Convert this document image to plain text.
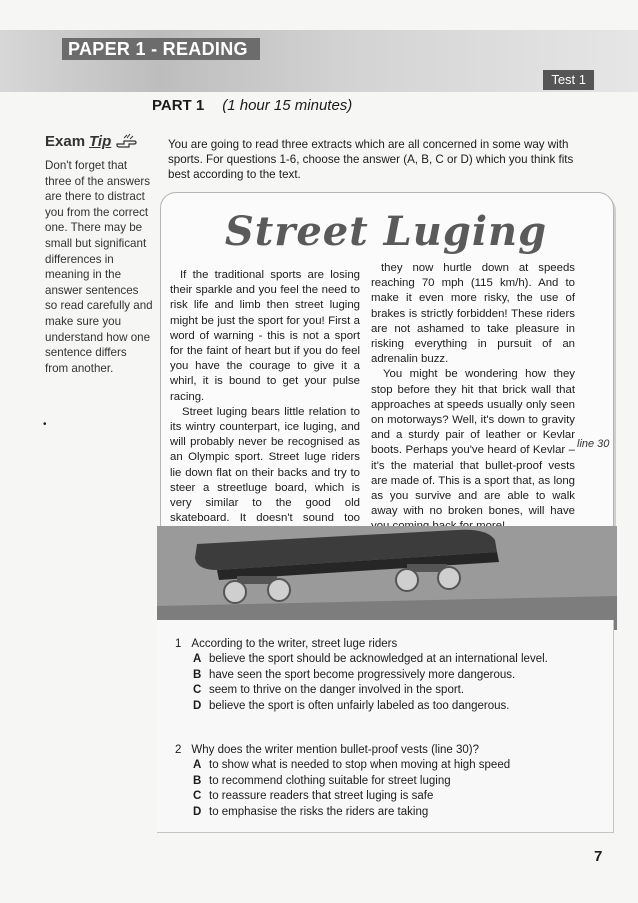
PAPER 1 - READING
Test 1
PART 1 (1 hour 15 minutes)
Exam Tip
Don't forget that three of the answers are there to distract you from the correct one. There may be small but significant differences in meaning in the answer sentences so read carefully and make sure you understand how one sentence differs from another.
You are going to read three extracts which are all concerned in some way with sports. For questions 1-6, choose the answer (A, B, C or D) which you think fits best according to the text.
Street Luging

If the traditional sports are losing their sparkle and you feel the need to risk life and limb then street luging might be just the sport for you! First a word of warning - this is not a sport for the faint of heart but if you do feel you have the courage to give it a whirl, it is bound to get your pulse racing.

Street luging bears little relation to its wintry counterpart, ice luging, and will probably never be recognised as an Olympic sport. Street luge riders lie down flat on their backs and try to steer a streetluge board, which is very similar to the good old skateboard. It doesn't sound too

they now hurtle down at speeds reaching 70 mph (115 km/h). And to make it even more risky, the use of brakes is strictly forbidden! These riders are not ashamed to take pleasure in risking everything in pursuit of an adrenalin buzz.

You might be wondering how they stop before they hit that brick wall that approaches at speeds usually only seen on motorways? Well, it's down to gravity and a sturdy pair of leather or Kevlar boots. Perhaps you've heard of Kevlar – it's the material that bullet-proof vests are made of. This is a sport that, as long as you survive and are able to walk away with no broken bones, will have

line 30
1 According to the writer, street luge riders
A believe the sport should be acknowledged at an international level.
B have seen the sport become progressively more dangerous.
C seem to thrive on the danger involved in the sport.
D believe the sport is often unfairly labeled as too dangerous.
2 Why does the writer mention bullet-proof vests (line 30)?
A to show what is needed to stop when moving at high speed
B to recommend clothing suitable for street luging
C to reassure readers that street luging is safe
D to emphasise the risks the riders are taking
•
7
